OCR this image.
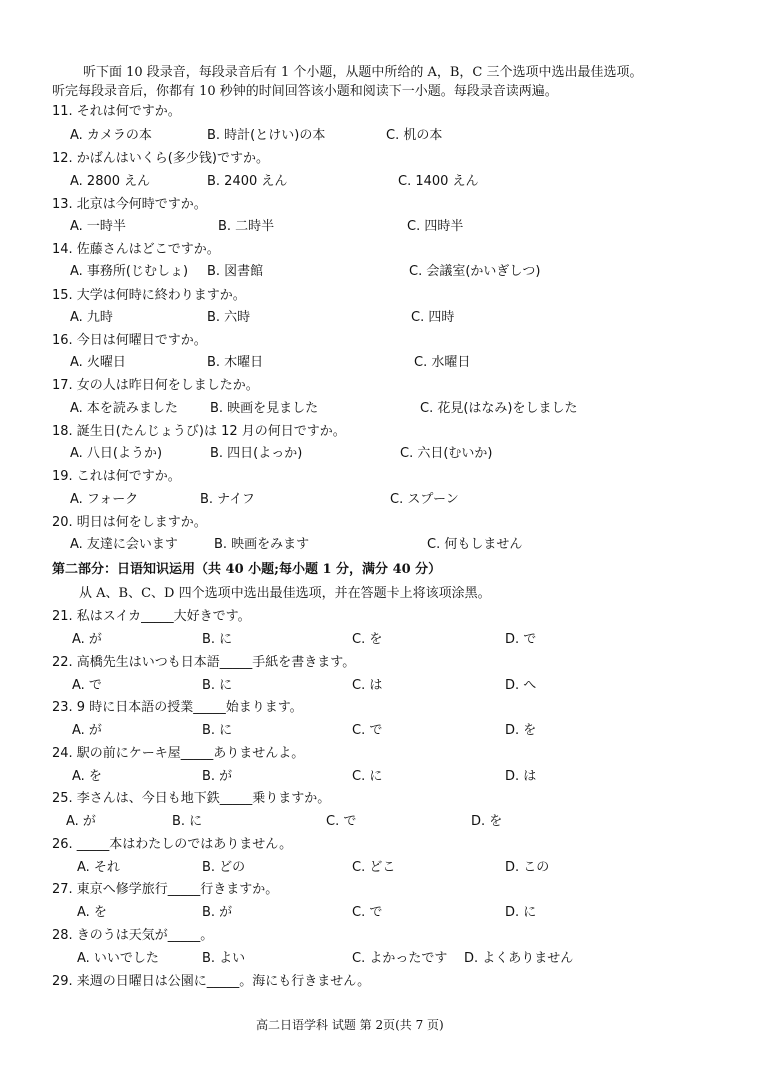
听下面 10 段录音，每段录音后有 1 个小题，从题中所给的 A，B，C 三个选项中选出最佳选项。
听完每段录音后，你都有 10 秒钟的时间回答该小题和阅读下一小题。每段录音读两遍。
11. それは何ですか。
A. カメラの本	B. 時計(とけい)の本	C. 机の本
12. かばんはいくら(多少钱)ですか。
A. 2800 えん	B. 2400 えん	C. 1400 えん
13. 北京は今何時ですか。
A. 一時半	B. 二時半	C. 四時半
14. 佐藤さんはどこですか。
A. 事務所(じむしょ) B. 図書館	C. 会議室(かいぎしつ)
15. 大学は何時に終わりますか。
A. 九時	B. 六時	C. 四時
16. 今日は何曜日ですか。
A. 火曜日	B. 木曜日	C. 水曜日
17. 女の人は昨日何をしましたか。
A. 本を読みました B. 映画を見ました	C. 花見(はなみ)をしました
18. 誕生日(たんじょうび)は 12 月の何日ですか。
A. 八日(ようか)	B. 四日(よっか)	C. 六日(むいか)
19. これは何ですか。
A. フォーク	B. ナイフ	C. スプーン
20. 明日は何をしますか。
A. 友達に会います	B. 映画をみます	C. 何もしません
第二部分：日语知识运用（共 40 小题;每小题 1 分，满分 40 分）
从 A、B、C、D 四个选项中选出最佳选项，并在答题卡上将该项涂黑。
21. 私はスイカ_____大好きです。
A. が	B. に	C. を	D. で
22. 高橋先生はいつも日本語_____手紙を書きます。
A. で	B. に	C. は	D. へ
23. 9 時に日本語の授業_____始まります。
A. が	B. に	C. で	D. を
24. 駅の前にケーキ屋_____ありませんよ。
A. を	B. が	C. に	D. は
25. 李さんは、今日も地下鉄_____乗りますか。
A. が	B. に	C. で	D. を
26. _____本はわたしのではありません。
A. それ	B. どの	C. どこ	D. この
27. 東京へ修学旅行_____行きますか。
A. を	B. が	C. で	D. に
28. きのうは天気が_____。
A. いいでした	B. よい	C. よかったです D. よくありません
29. 来週の日曜日は公園に_____。海にも行きません。
高二日语学科 试题 第 2页(共 7 页)
